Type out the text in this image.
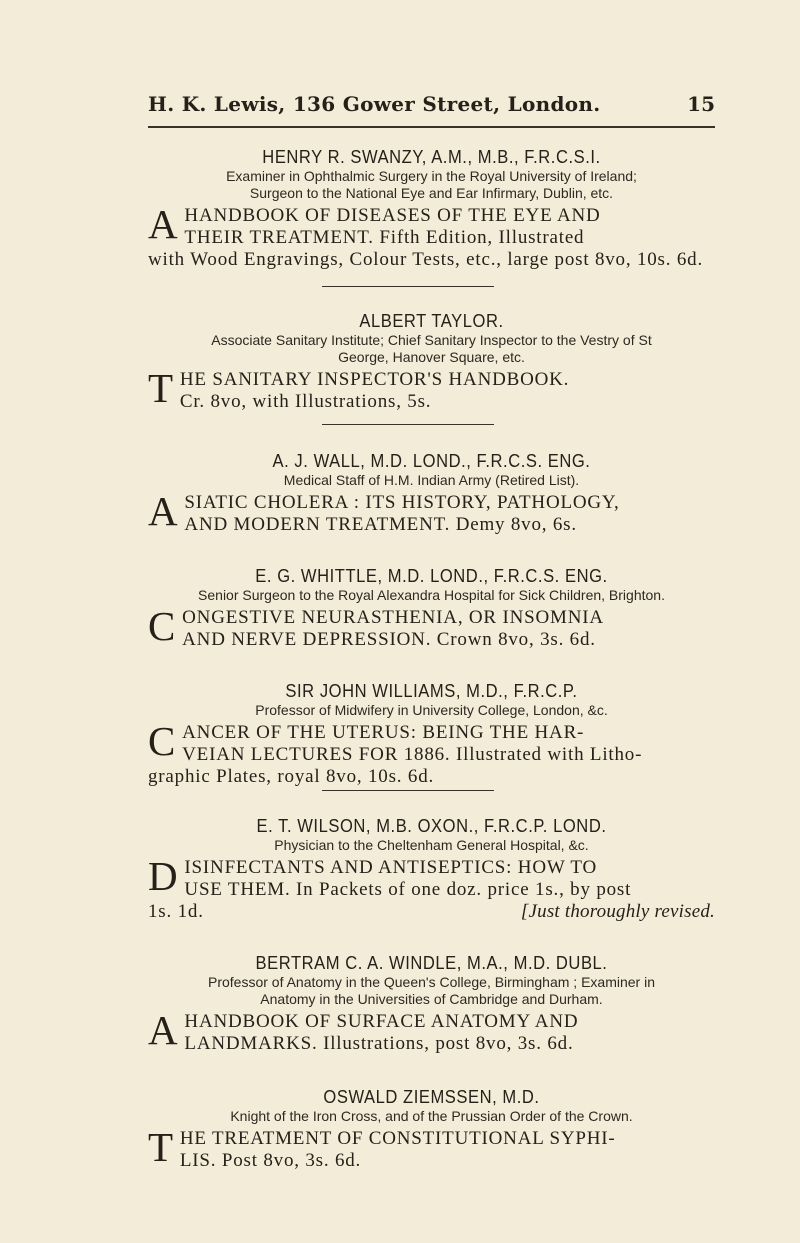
H. K. Lewis, 136 Gower Street, London.	15
HENRY R. SWANZY, A.M., M.B., F.R.C.S.I.
Examiner in Ophthalmic Surgery in the Royal University of Ireland;
Surgeon to the National Eye and Ear Infirmary, Dublin, etc.
A HANDBOOK OF DISEASES OF THE EYE AND
THEIR TREATMENT. Fifth Edition, Illustrated
with Wood Engravings, Colour Tests, etc., large post 8vo, 10s. 6d.
ALBERT TAYLOR.
Associate Sanitary Institute; Chief Sanitary Inspector to the Vestry of St
George, Hanover Square, etc.
T HE SANITARY INSPECTOR'S HANDBOOK.
Cr. 8vo, with Illustrations, 5s.
A. J. WALL, M.D. LOND., F.R.C.S. ENG.
Medical Staff of H.M. Indian Army (Retired List).
A SIATIC CHOLERA : ITS HISTORY, PATHOLOGY,
AND MODERN TREATMENT. Demy 8vo, 6s.
E. G. WHITTLE, M.D. LOND., F.R.C.S. ENG.
Senior Surgeon to the Royal Alexandra Hospital for Sick Children, Brighton.
C ONGESTIVE NEURASTHENIA, OR INSOMNIA
AND NERVE DEPRESSION. Crown 8vo, 3s. 6d.
SIR JOHN WILLIAMS, M.D., F.R.C.P.
Professor of Midwifery in University College, London, &c.
C ANCER OF THE UTERUS: BEING THE HAR-
VEIAN LECTURES FOR 1886. Illustrated with Litho-
graphic Plates, royal 8vo, 10s. 6d.
E. T. WILSON, M.B. OXON., F.R.C.P. LOND.
Physician to the Cheltenham General Hospital, &c.
D ISINFECTANTS AND ANTISEPTICS: HOW TO
USE THEM. In Packets of one doz. price 1s., by post
1s. 1d.	[Just thoroughly revised.
BERTRAM C. A. WINDLE, M.A., M.D. DUBL.
Professor of Anatomy in the Queen's College, Birmingham ; Examiner in
Anatomy in the Universities of Cambridge and Durham.
A HANDBOOK OF SURFACE ANATOMY AND
LANDMARKS. Illustrations, post 8vo, 3s. 6d.
OSWALD ZIEMSSEN, M.D.
Knight of the Iron Cross, and of the Prussian Order of the Crown.
T HE TREATMENT OF CONSTITUTIONAL SYPHI-
LIS. Post 8vo, 3s. 6d.
